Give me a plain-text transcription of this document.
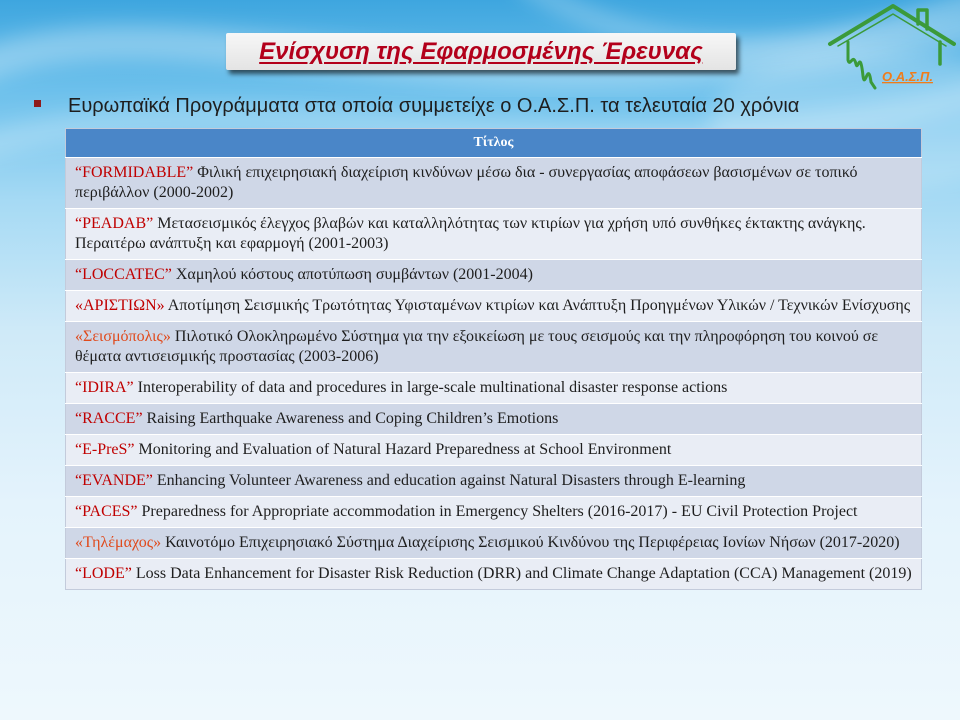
Ο.Α.Σ.Π.
Ενίσχυση της Εφαρμοσμένης Έρευνας
Ευρωπαϊκά Προγράμματα στα οποία συμμετείχε ο Ο.Α.Σ.Π. τα τελευταία 20 χρόνια
Τίτλος
“FORMIDABLE” Φιλική επιχειρησιακή διαχείριση κινδύνων μέσω δια - συνεργασίας αποφάσεων βασισμένων σε τοπικό περιβάλλον (2000-2002)
“PEADAB” Μετασεισμικός έλεγχος βλαβών και καταλληλότητας των κτιρίων για χρήση υπό συνθήκες έκτακτης ανάγκης. Περαιτέρω ανάπτυξη και εφαρμογή (2001-2003)
“LOCCATEC” Χαμηλού κόστους αποτύπωση συμβάντων (2001-2004)
«ΑΡΙΣΤΙΩΝ» Αποτίμηση Σεισμικής Τρωτότητας Υφισταμένων κτιρίων και Ανάπτυξη Προηγμένων Υλικών / Τεχνικών Ενίσχυσης
«Σεισμόπολις» Πιλοτικό Ολοκληρωμένο Σύστημα για την εξοικείωση με τους σεισμούς και την πληροφόρηση του κοινού σε θέματα αντισεισμικής προστασίας (2003-2006)
“IDIRA” Interoperability of data and procedures in large-scale multinational disaster response actions
“RACCE” Raising Earthquake Awareness and Coping Children’s Emotions
“E-PreS” Monitoring and Evaluation of Natural Hazard Preparedness at School Environment
“EVANDE” Enhancing Volunteer Awareness and education against Natural Disasters through E-learning
“PACES” Preparedness for Appropriate accommodation in Emergency Shelters (2016-2017) - EU Civil Protection Project
«Τηλέμαχος» Καινοτόμο Επιχειρησιακό Σύστημα Διαχείρισης Σεισμικού Κινδύνου της Περιφέρειας Ιονίων Νήσων (2017-2020)
“LODE” Loss Data Enhancement for Disaster Risk Reduction (DRR) and Climate Change Adaptation (CCA) Management (2019)
